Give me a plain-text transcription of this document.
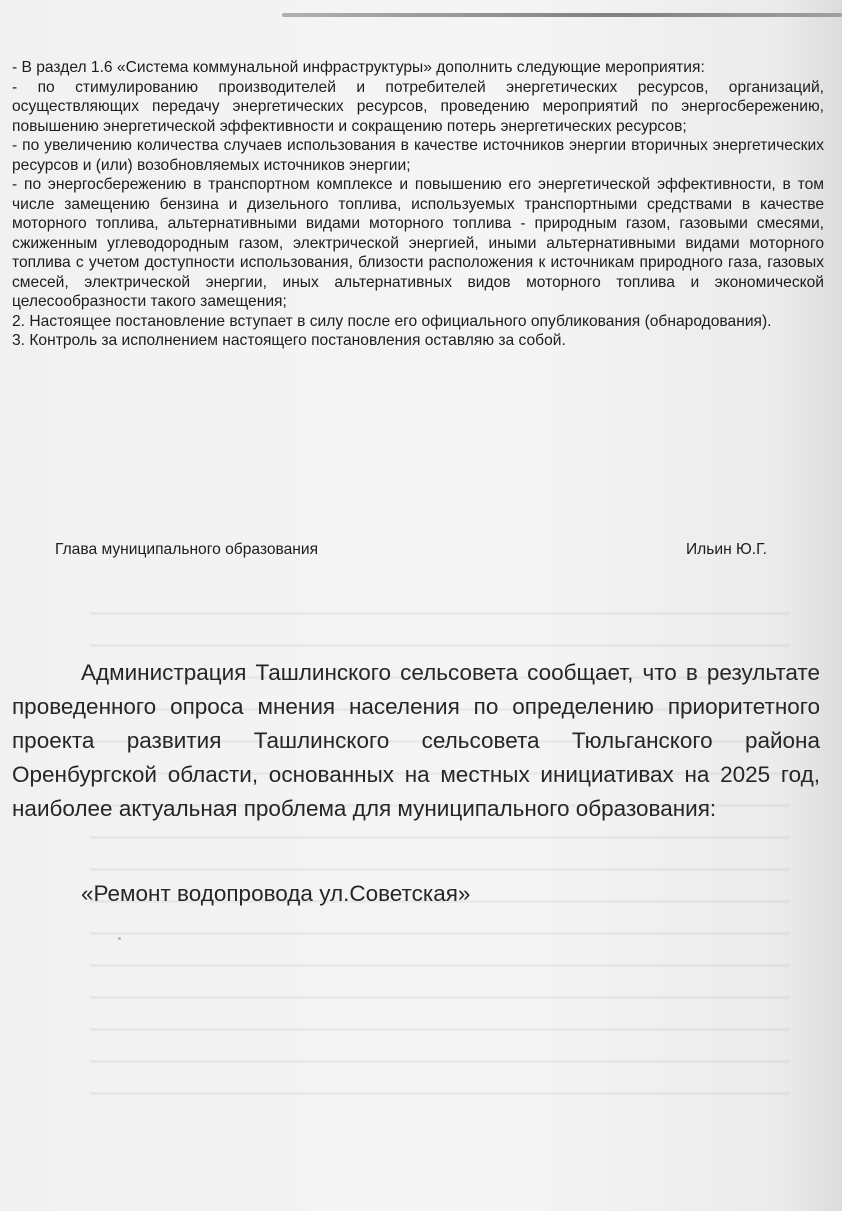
- В раздел 1.6 «Система коммунальной инфраструктуры» дополнить следующие мероприятия:

- по стимулированию производителей и потребителей энергетических ресурсов, организаций, осуществляющих передачу энергетических ресурсов, проведению мероприятий по энергосбережению, повышению энергетической эффективности и сокращению потерь энергетических ресурсов;

- по увеличению количества случаев использования в качестве источников энергии вторичных энергетических ресурсов и (или) возобновляемых источников энергии;

- по энергосбережению в транспортном комплексе и повышению его энергетической эффективности, в том числе замещению бензина и дизельного топлива, используемых транспортными средствами в качестве моторного топлива, альтернативными видами моторного топлива - природным газом, газовыми смесями, сжиженным углеводородным газом, электрической энергией, иными альтернативными видами моторного топлива с учетом доступности использования, близости расположения к источникам природного газа, газовых смесей, электрической энергии, иных альтернативных видов моторного топлива и экономической целесообразности такого замещения;

2. Настоящее постановление вступает в силу после его официального опубликования (обнародования).

3. Контроль за исполнением настоящего постановления оставляю за собой.

Глава муниципального образования	Ильин Ю.Г.

Администрация Ташлинского сельсовета сообщает, что в результате проведенного опроса мнения населения по определению приоритетного проекта развития Ташлинского сельсовета Тюльганского района Оренбургской области, основанных на местных инициативах на 2025 год, наиболее актуальная проблема для муниципального образования:

«Ремонт водопровода ул.Советская»
